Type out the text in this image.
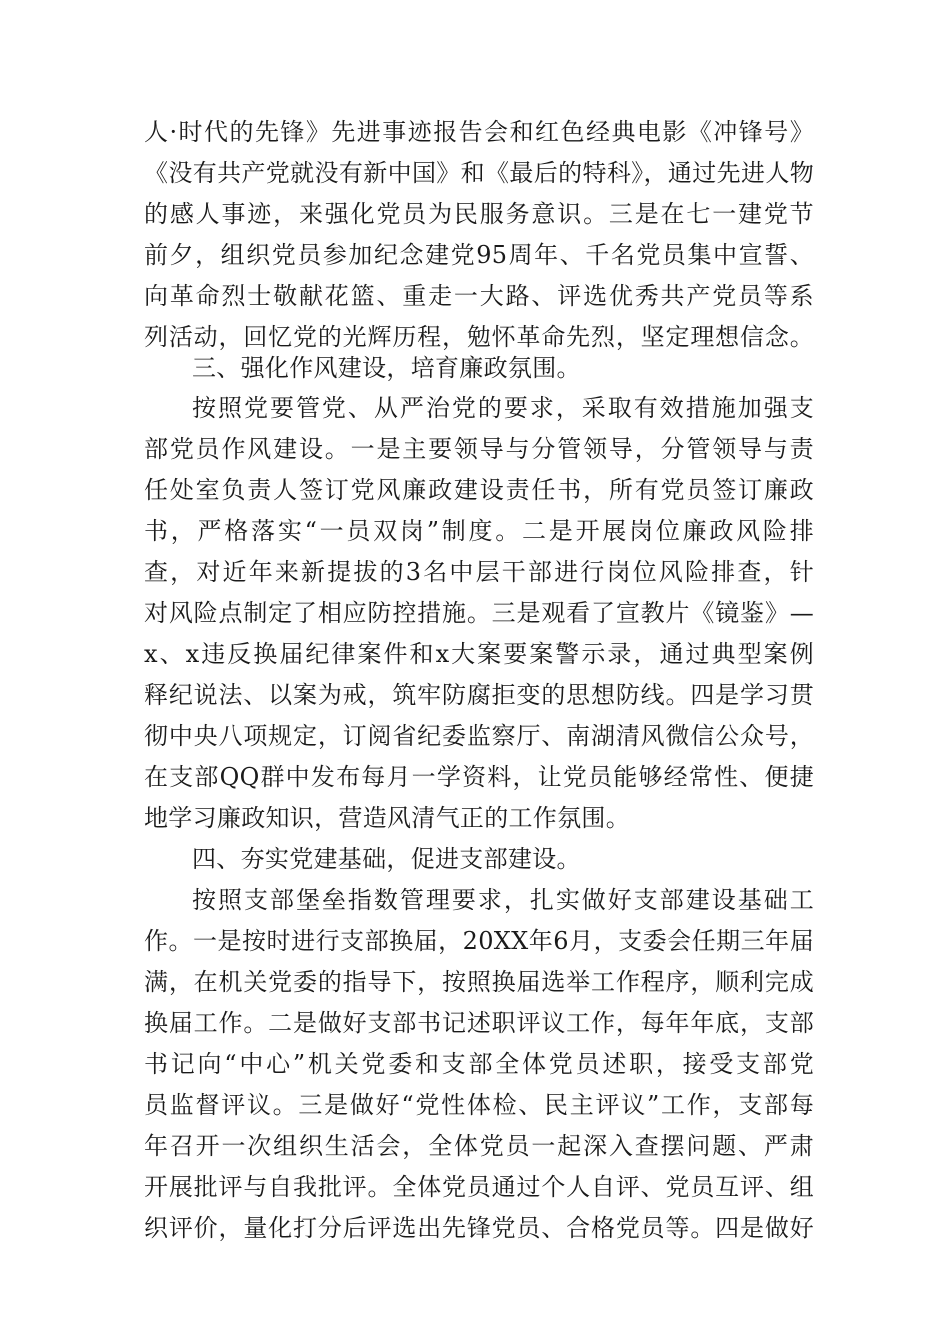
人·时代的先锋》先进事迹报告会和红色经典电影《冲锋号》
《没有共产党就没有新中国》和《最后的特科》，通过先进人物
的感人事迹，来强化党员为民服务意识。三是在七一建党节
前夕，组织党员参加纪念建党95周年、千名党员集中宣誓、
向革命烈士敬献花篮、重走一大路、评选优秀共产党员等系
列活动，回忆党的光辉历程，勉怀革命先烈，坚定理想信念。
三、强化作风建设，培育廉政氛围。
按照党要管党、从严治党的要求，采取有效措施加强支
部党员作风建设。一是主要领导与分管领导，分管领导与责
任处室负责人签订党风廉政建设责任书，所有党员签订廉政
书，严格落实“一员双岗”制度。二是开展岗位廉政风险排
查，对近年来新提拔的3名中层干部进行岗位风险排查，针
对风险点制定了相应防控措施。三是观看了宣教片《镜鉴》—
x、x违反换届纪律案件和x大案要案警示录，通过典型案例
释纪说法、以案为戒，筑牢防腐拒变的思想防线。四是学习贯
彻中央八项规定，订阅省纪委监察厅、南湖清风微信公众号，
在支部QQ群中发布每月一学资料，让党员能够经常性、便捷
地学习廉政知识，营造风清气正的工作氛围。
四、夯实党建基础，促进支部建设。
按照支部堡垒指数管理要求，扎实做好支部建设基础工
作。一是按时进行支部换届，20XX年6月，支委会任期三年届
满，在机关党委的指导下，按照换届选举工作程序，顺利完成
换届工作。二是做好支部书记述职评议工作，每年年底，支部
书记向“中心”机关党委和支部全体党员述职，接受支部党
员监督评议。三是做好“党性体检、民主评议”工作，支部每
年召开一次组织生活会，全体党员一起深入查摆问题、严肃
开展批评与自我批评。全体党员通过个人自评、党员互评、组
织评价，量化打分后评选出先锋党员、合格党员等。四是做好
